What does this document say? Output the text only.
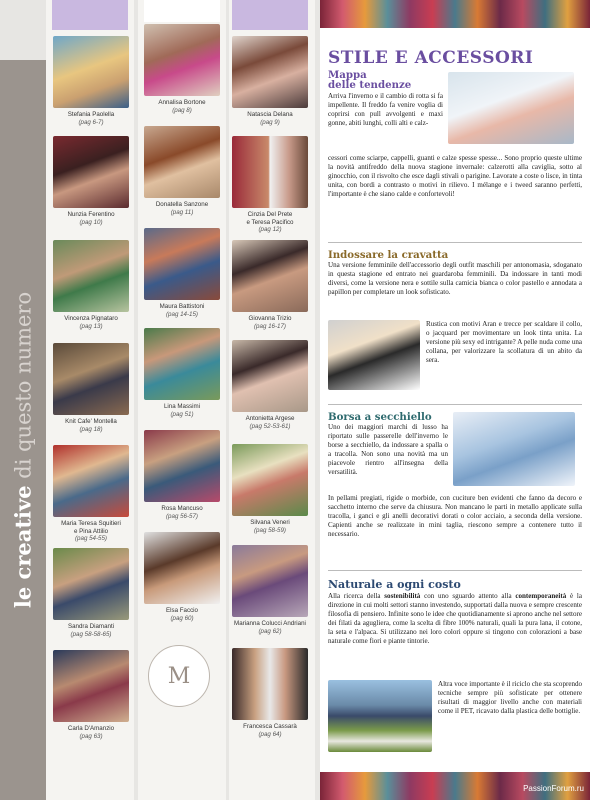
le creative di questo numero
Stefania Paolella
(pag 6-7)
Nunzia Ferentino
(pag 10)
Vincenza Pignataro
(pag 13)
Knit Cafe' Montella
(pag 18)
Maria Teresa Squitieri
e Pina Attilio
(pag 54-55)
Sandra Diamanti
(pag 58-58-65)
Carla D'Amanzio
(pag 63)
Annalisa Bortone
(pag 8)
Donatella Sanzone
(pag 11)
Maura Battistoni
(pag 14-15)
Lina Massimi
(pag 51)
Rosa Mancuso
(pag 56-57)
Elsa Faccio
(pag 60)
M
Natascia Delana
(pag 9)
Cinzia Del Prete
e Teresa Pacifico
(pag 12)
Giovanna Trizio
(pag 16-17)
Antonietta Argese
(pag 52-53-61)
Silvana Veneri
(pag 58-59)
Marianna Colucci Andriani
(pag 62)
Francesca Cassarà
(pag 64)
STILE E ACCESSORI
Mappa
delle tendenze

Arriva l'inverno e il cambio di rotta si fa impellente. Il freddo fa venire voglia di coprirsi con pull avvolgenti e maxi gonne, abiti lunghi, colli alti e calz-

cessori come sciarpe, cappelli, guanti e calze spesse spesse... Sono proprio queste ultime la novità antifreddo della nuova stagione invernale: calzerotti alla caviglia, sotto al ginocchio, con il risvolto che esce dagli stivali o parigine. Lavorate a coste o lisce, in tinta unita, con bordi a contrasto o motivi in rilievo. I mélange e i tweed saranno perfetti, l'importante è che siano calde e confortevoli!

Indossare la cravatta

Una versione femminile dell'accessorio degli outfit maschili per antonomasia, sdoganato in questa stagione ed entrato nei guardaroba femminili. Da indossare in tanti modi diversi, come la versione nera e sottile sulla camicia bianca o color pastello e annodata a papillon per completare un look sofisticato.

Rustica con motivi Aran e trecce per scaldare il collo, o jacquard per movimentare un look tinta unita. La versione più sexy ed intrigante? A pelle nuda come una collana, per valorizzare la scollatura di un abito da sera.

Borsa a secchiello

Uno dei maggiori marchi di lusso ha riportato sulle passerelle dell'inverno le borse a secchiello, da indossare a spalla o a tracolla. Non sono una novità ma un piacevole rientro all'insegna della versatilità.

In pellami pregiati, rigide o morbide, con cuciture ben evidenti che fanno da decoro e sacchetto interno che serve da chiusura. Non mancano le parti in metallo applicate sulla tracolla, i ganci e gli anelli decorativi dorati o color acciaio, a seconda della versione. Capienti anche se realizzate in mini taglia, riescono sempre a contenere tutto il necessario.

Naturale a ogni costo

Alla ricerca della sostenibilità con uno sguardo attento alla contemporaneità è la direzione in cui molti settori stanno investendo, supportati dalla nuova e sempre crescente filosofia di pensiero. Infinite sono le idee che quotidianamente si aprono anche nel settore dei filati da agugliera, come la scelta di fibre 100% naturali, quali la pura lana, il cotone, la seta e l'alpaca. Si utilizzano nei loro colori oppure si tingono con colorazioni a base naturale come fiori e piante tintorie.

Altra voce importante è il riciclo che sta scoprendo tecniche sempre più sofisticate per ottenere risultati di maggior livello anche con materiali come il PET, ricavato dalla plastica delle bottiglie.

PassionForum.ru
